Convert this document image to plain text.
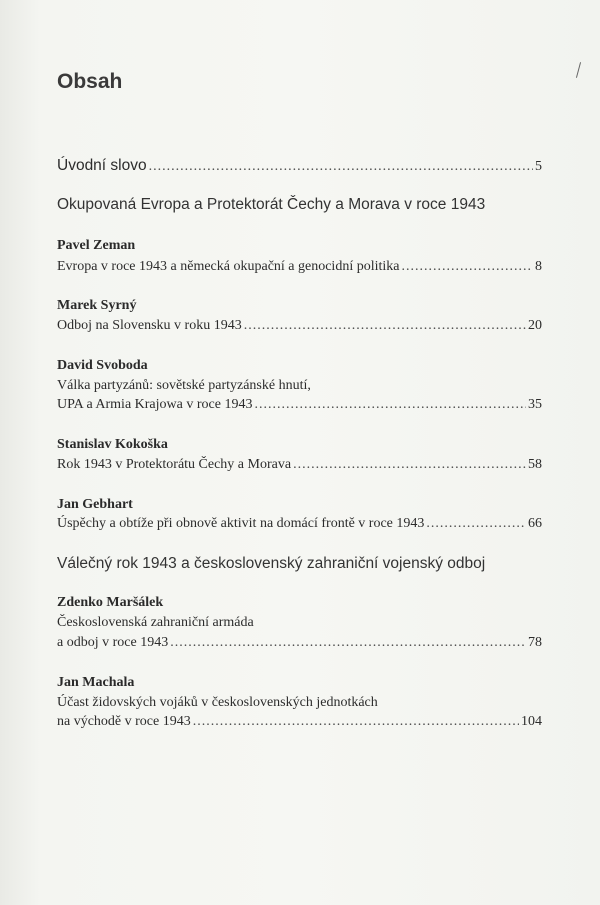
Obsah
Úvodní slovo .....	5
Okupovaná Evropa a Protektorát Čechy a Morava v roce 1943
Pavel Zeman
Evropa v roce 1943 a německá okupační a genocidní politika .....	8
Marek Syrný
Odboj na Slovensku v roku 1943 .....	20
David Svoboda
Válka partyzánů: sovětské partyzánské hnutí,
UPA a Armia Krajowa v roce 1943 .....	35
Stanislav Kokoška
Rok 1943 v Protektorátu Čechy a Morava .....	58
Jan Gebhart
Úspěchy a obtíže při obnově aktivit na domácí frontě v roce 1943 .....	66
Válečný rok 1943 a československý zahraniční vojenský odboj
Zdenko Maršálek
Československá zahraniční armáda
a odboj v roce 1943 .....	78
Jan Machala
Účast židovských vojáků v československých jednotkách
na východě v roce 1943 .....	104
